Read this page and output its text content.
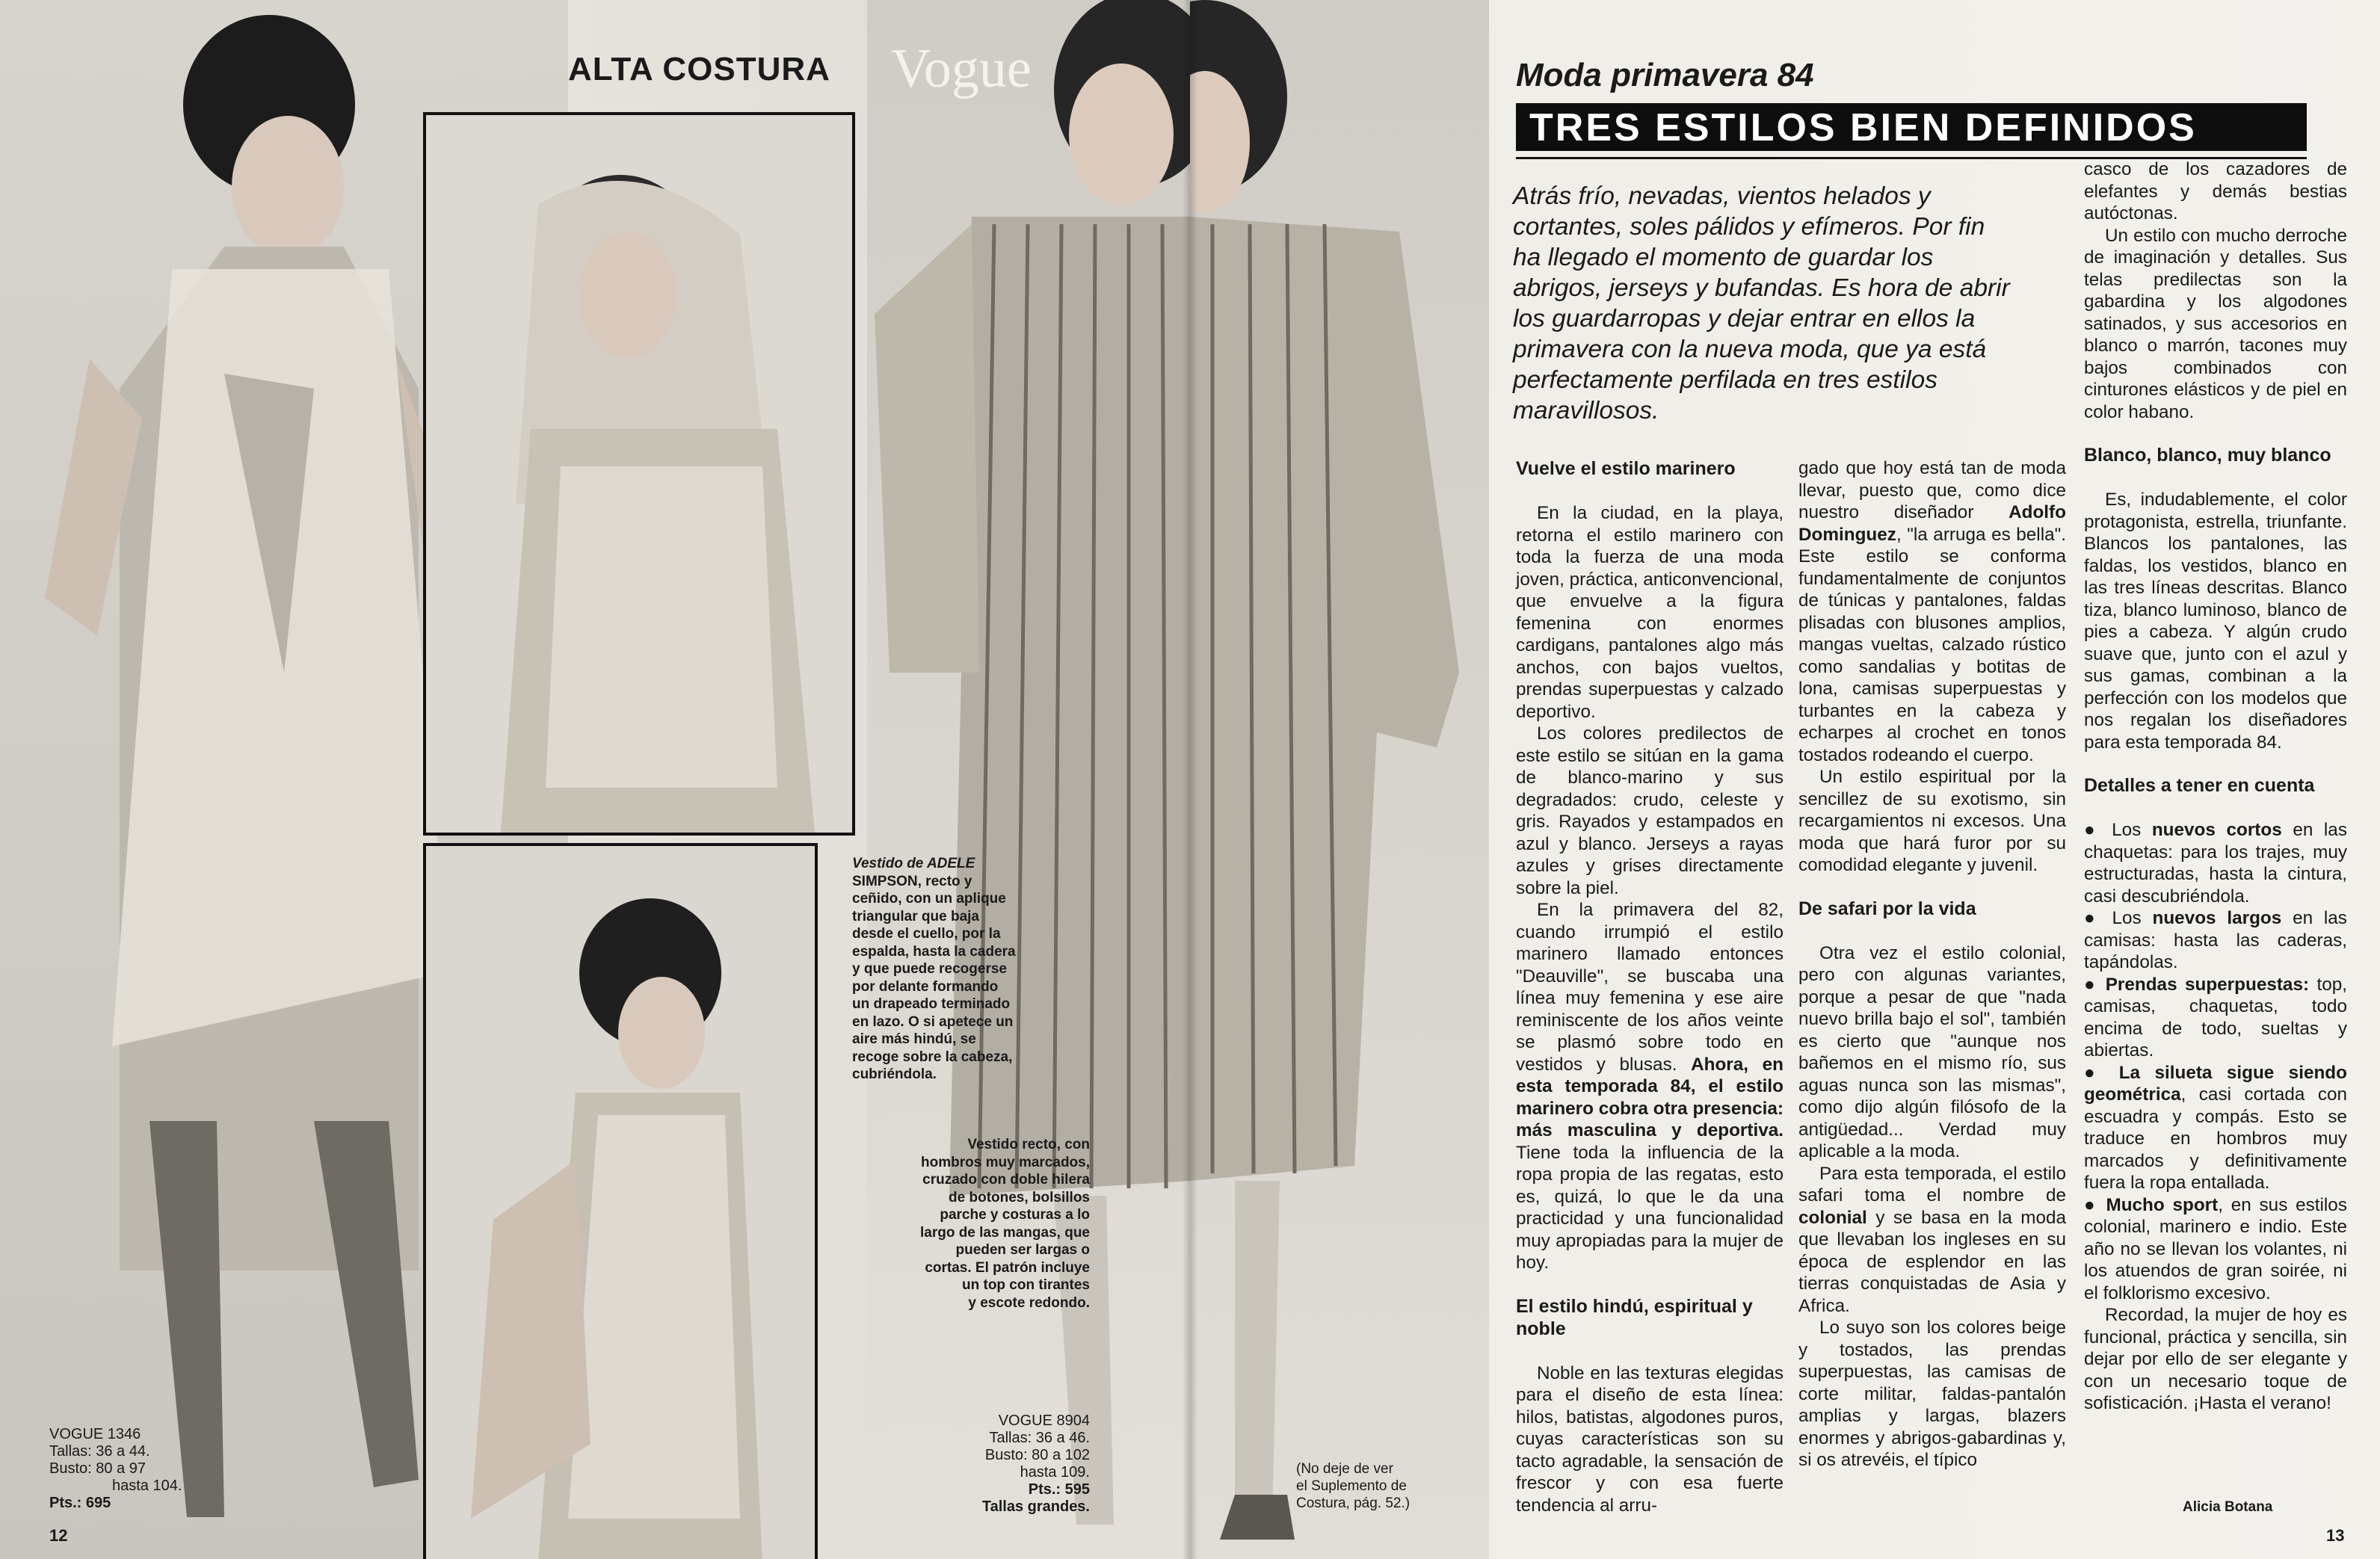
ALTA COSTURA Vogue
Vestido de ADELE
SIMPSON, recto y
ceñido, con un aplique
triangular que baja
desde el cuello, por la
espalda, hasta la cadera
y que puede recogerse
por delante formando
un drapeado terminado
en lazo. O si apetece un
aire más hindú, se
recoge sobre la cabeza,
cubriéndola.
Vestido recto, con
hombros muy marcados,
cruzado con doble hilera
de botones, bolsillos
parche y costuras a lo
largo de las mangas, que
pueden ser largas o
cortas. El patrón incluye
un top con tirantes
y escote redondo.
VOGUE 1346
Tallas: 36 a 44.
Busto: 80 a 97
hasta 104.
Pts.: 695
VOGUE 8904
Tallas: 36 a 46.
Busto: 80 a 102
hasta 109.
Pts.: 595
Tallas grandes.
12
Moda primavera 84
TRES ESTILOS BIEN DEFINIDOS
Atrás frío, nevadas, vientos helados y cortantes, soles pálidos y efímeros. Por fin ha llegado el momento de guardar los abrigos, jerseys y bufandas. Es hora de abrir los guardarropas y dejar entrar en ellos la primavera con la nueva moda, que ya está perfectamente perfilada en tres estilos maravillosos.
Vuelve el estilo marinero

En la ciudad, en la playa, retorna el estilo marinero con toda la fuerza de una moda joven, práctica, anticonvencional, que envuelve a la figura femenina con enormes cardigans, pantalones algo más anchos, con bajos vueltos, prendas superpuestas y calzado deportivo.

Los colores predilectos de este estilo se sitúan en la gama de blanco-marino y sus degradados: crudo, celeste y gris. Rayados y estampados en azul y blanco. Jerseys a rayas azules y grises directamente sobre la piel.

En la primavera del 82, cuando irrumpió el estilo marinero llamado entonces "Deauville", se buscaba una línea muy femenina y ese aire reminiscente de los años veinte se plasmó sobre todo en vestidos y blusas. Ahora, en esta temporada 84, el estilo marinero cobra otra presencia: más masculina y deportiva. Tiene toda la influencia de la ropa propia de las regatas, esto es, quizá, lo que le da una practicidad y una funcionalidad muy apropiadas para la mujer de hoy.

El estilo hindú, espiritual y noble

Noble en las texturas elegidas para el diseño de esta línea: hilos, batistas, algodones puros, cuyas características son su tacto agradable, la sensación de frescor y con esa fuerte tendencia al arru-

gado que hoy está tan de moda llevar, puesto que, como dice nuestro diseñador Adolfo Dominguez, "la arruga es bella". Este estilo se conforma fundamentalmente de conjuntos de túnicas y pantalones, faldas plisadas con blusones amplios, mangas vueltas, calzado rústico como sandalias y botitas de lona, camisas superpuestas y turbantes en la cabeza y echarpes al crochet en tonos tostados rodeando el cuerpo.

Un estilo espiritual por la sencillez de su exotismo, sin recargamientos ni excesos. Una moda que hará furor por su comodidad elegante y juvenil.

De safari por la vida

Otra vez el estilo colonial, pero con algunas variantes, porque a pesar de que "nada nuevo brilla bajo el sol", también es cierto que "aunque nos bañemos en el mismo río, sus aguas nunca son las mismas", como dijo algún filósofo de la antigüedad... Verdad muy aplicable a la moda.

Para esta temporada, el estilo safari toma el nombre de colonial y se basa en la moda que llevaban los ingleses en su época de esplendor en las tierras conquistadas de Asia y Africa.

Lo suyo son los colores beige y tostados, las prendas superpuestas, las camisas de corte militar, faldas-pantalón amplias y largas, blazers enormes y abrigos-gabardinas y, si os atrevéis, el típico

casco de los cazadores de elefantes y demás bestias autóctonas.

Un estilo con mucho derroche de imaginación y detalles. Sus telas predilectas son la gabardina y los algodones satinados, y sus accesorios en blanco o marrón, tacones muy bajos combinados con cinturones elásticos y de piel en color habano.

Blanco, blanco, muy blanco

Es, indudablemente, el color protagonista, estrella, triunfante. Blancos los pantalones, las faldas, los vestidos, blanco en las tres líneas descritas. Blanco tiza, blanco luminoso, blanco de pies a cabeza. Y algún crudo suave que, junto con el azul y sus gamas, combinan a la perfección con los modelos que nos regalan los diseñadores para esta temporada 84.

Detalles a tener en cuenta

● Los nuevos cortos en las chaquetas: para los trajes, muy estructuradas, hasta la cintura, casi descubriéndola.

● Los nuevos largos en las camisas: hasta las caderas, tapándolas.

● Prendas superpuestas: top, camisas, chaquetas, todo encima de todo, sueltas y abiertas.

● La silueta sigue siendo geométrica, casi cortada con escuadra y compás. Esto se traduce en hombros muy marcados y definitivamente fuera la ropa entallada.

● Mucho sport, en sus estilos colonial, marinero e indio. Este año no se llevan los volantes, ni los atuendos de gran soirée, ni el folklorismo excesivo.

Recordad, la mujer de hoy es funcional, práctica y sencilla, sin dejar por ello de ser elegante y con un necesario toque de sofisticación. ¡Hasta el verano!

Alicia Botana
13
(No deje de ver
el Suplemento de
Costura, pág. 52.)
